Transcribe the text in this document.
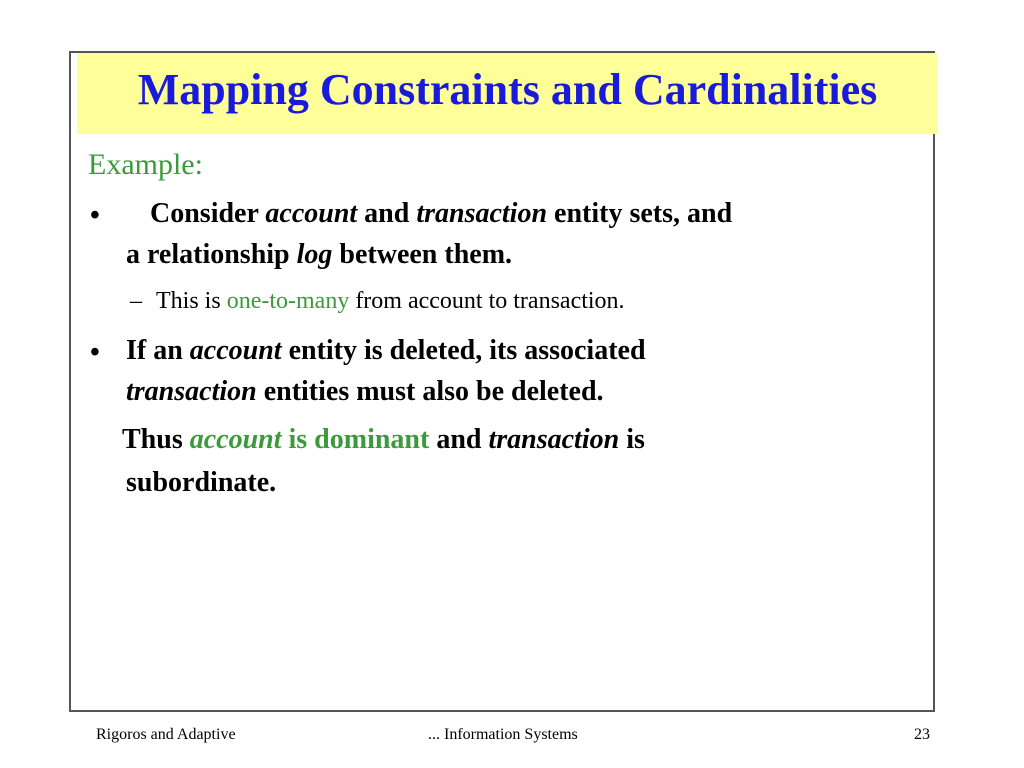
Mapping Constraints and Cardinalities
Example:
• Consider account and transaction entity sets, and
a relationship log between them.
– This is one-to-many from account to transaction.
• If an account entity is deleted, its associated
transaction entities must also be deleted.
Thus account is dominant and transaction is
subordinate.
Rigoros and Adaptive	... Information Systems	23
